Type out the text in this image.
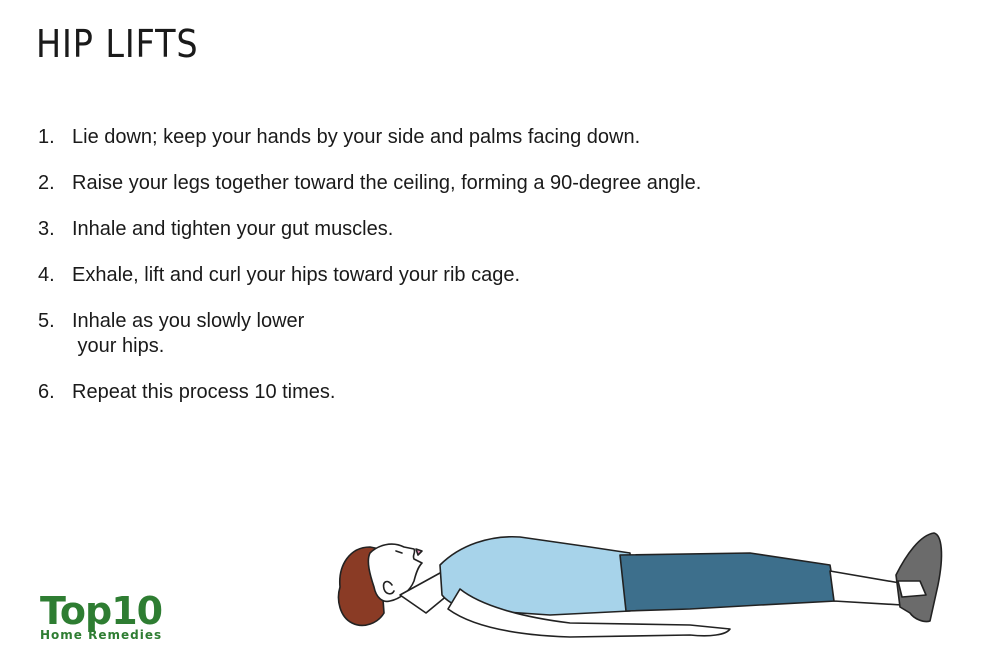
HIP LIFTS
1. Lie down; keep your hands by your side and palms facing down.
2. Raise your legs together toward the ceiling, forming a 90-degree angle.
3. Inhale and tighten your gut muscles.
4. Exhale, lift and curl your hips toward your rib cage.
5. Inhale as you slowly lower
your hips.
6. Repeat this process 10 times.
Top10
Home Remedies
